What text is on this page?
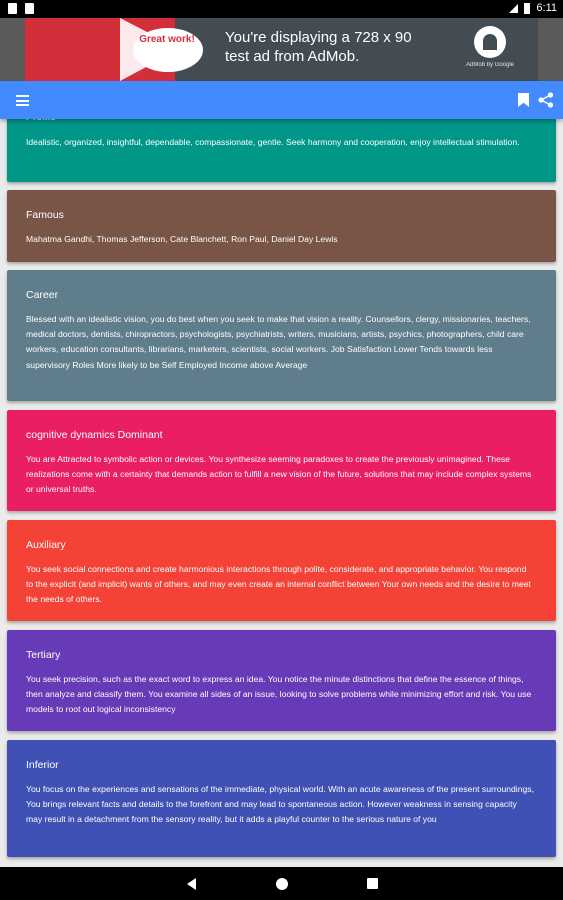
6:11
Great work! You're displaying a 728 x 90 test ad from AdMob.	AdMob by Google
Idealistic, organized, insightful, dependable, compassionate, gentle. Seek harmony and cooperation, enjoy intellectual stimulation.
Famous
Mahatma Gandhi, Thomas Jefferson, Cate Blanchett, Ron Paul, Daniel Day Lewis
Career
Blessed with an idealistic vision, you do best when you seek to make that vision a reality. Counsellors, clergy, missionaries, teachers, medical doctors, dentists, chiropractors, psychologists, psychiatrists, writers, musicians, artists, psychics, photographers, child care workers, education consultants, librarians, marketers, scientists, social workers. Job Satisfaction Lower Tends towards less supervisory Roles More likely to be Self Employed Income above Average
cognitive dynamics Dominant
You are Attracted to symbolic action or devices. You synthesize seeming paradoxes to create the previously unimagined. These realizations come with a certainty that demands action to fulfill a new vision of the future, solutions that may include complex systems or universal truths.
Auxiliary
You seek social connections and create harmonious interactions through polite, considerate, and appropriate behavior. You respond to the explicit (and implicit) wants of others, and may even create an internal conflict between Your own needs and the desire to meet the needs of others.
Tertiary
You seek precision, such as the exact word to express an idea. You notice the minute distinctions that define the essence of things, then analyze and classify them. You examine all sides of an issue, looking to solve problems while minimizing effort and risk. You use models to root out logical inconsistency
Inferior
You focus on the experiences and sensations of the immediate, physical world. With an acute awareness of the present surroundings, You brings relevant facts and details to the forefront and may lead to spontaneous action. However weakness in sensing capacity may result in a detachment from the sensory reality, but it adds a playful counter to the serious nature of you
